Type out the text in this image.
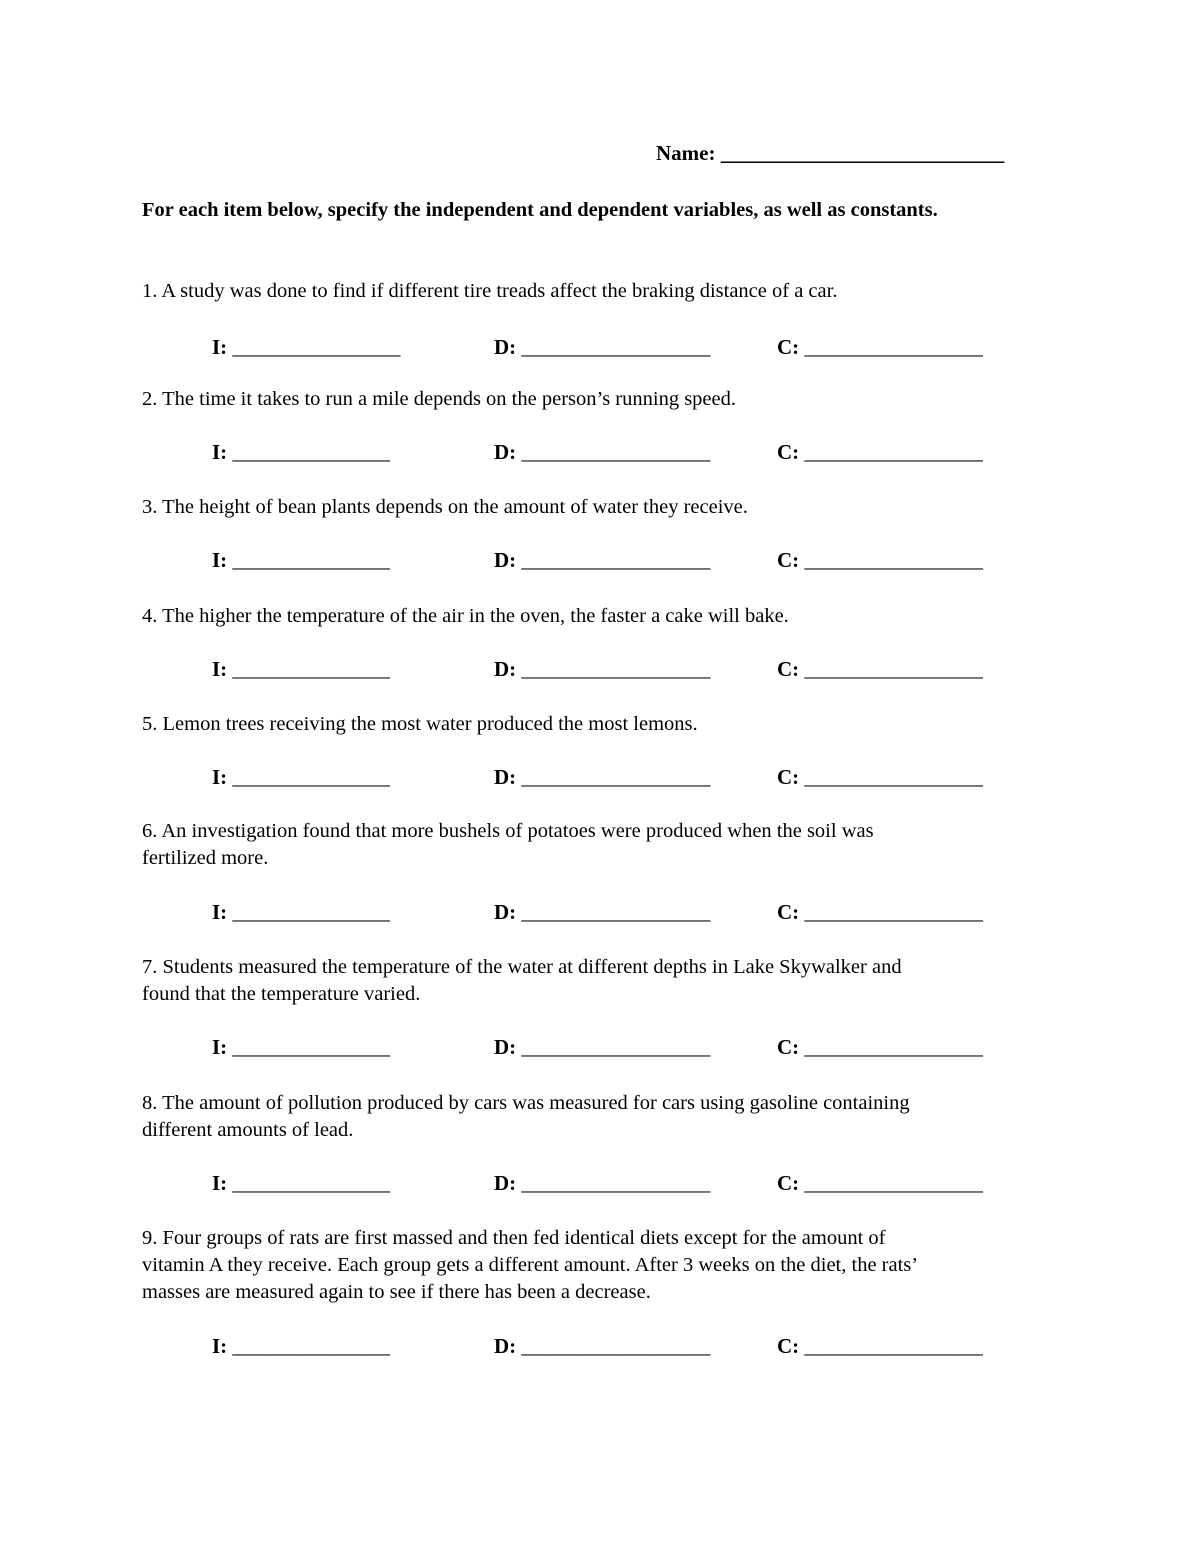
Name: ___________________________
For each item below, specify the independent and dependent variables, as well as constants.
1. A study was done to find if different tire treads affect the braking distance of a car.
I: ________________	D: __________________	C: _________________
2. The time it takes to run a mile depends on the person’s running speed.
I: _______________	D: __________________	C: _________________
3. The height of bean plants depends on the amount of water they receive.
I: _______________	D: __________________	C: _________________
4. The higher the temperature of the air in the oven, the faster a cake will bake.
I: _______________	D: __________________	C: _________________
5. Lemon trees receiving the most water produced the most lemons.
I: _______________	D: __________________	C: _________________
6. An investigation found that more bushels of potatoes were produced when the soil was
fertilized more.
I: _______________	D: __________________	C: _________________
7. Students measured the temperature of the water at different depths in Lake Skywalker and
found that the temperature varied.
I: _______________	D: __________________	C: _________________
8. The amount of pollution produced by cars was measured for cars using gasoline containing
different amounts of lead.
I: _______________	D: __________________	C: _________________
9. Four groups of rats are first massed and then fed identical diets except for the amount of
vitamin A they receive. Each group gets a different amount. After 3 weeks on the diet, the rats’
masses are measured again to see if there has been a decrease.
I: _______________	D: __________________	C: _________________
